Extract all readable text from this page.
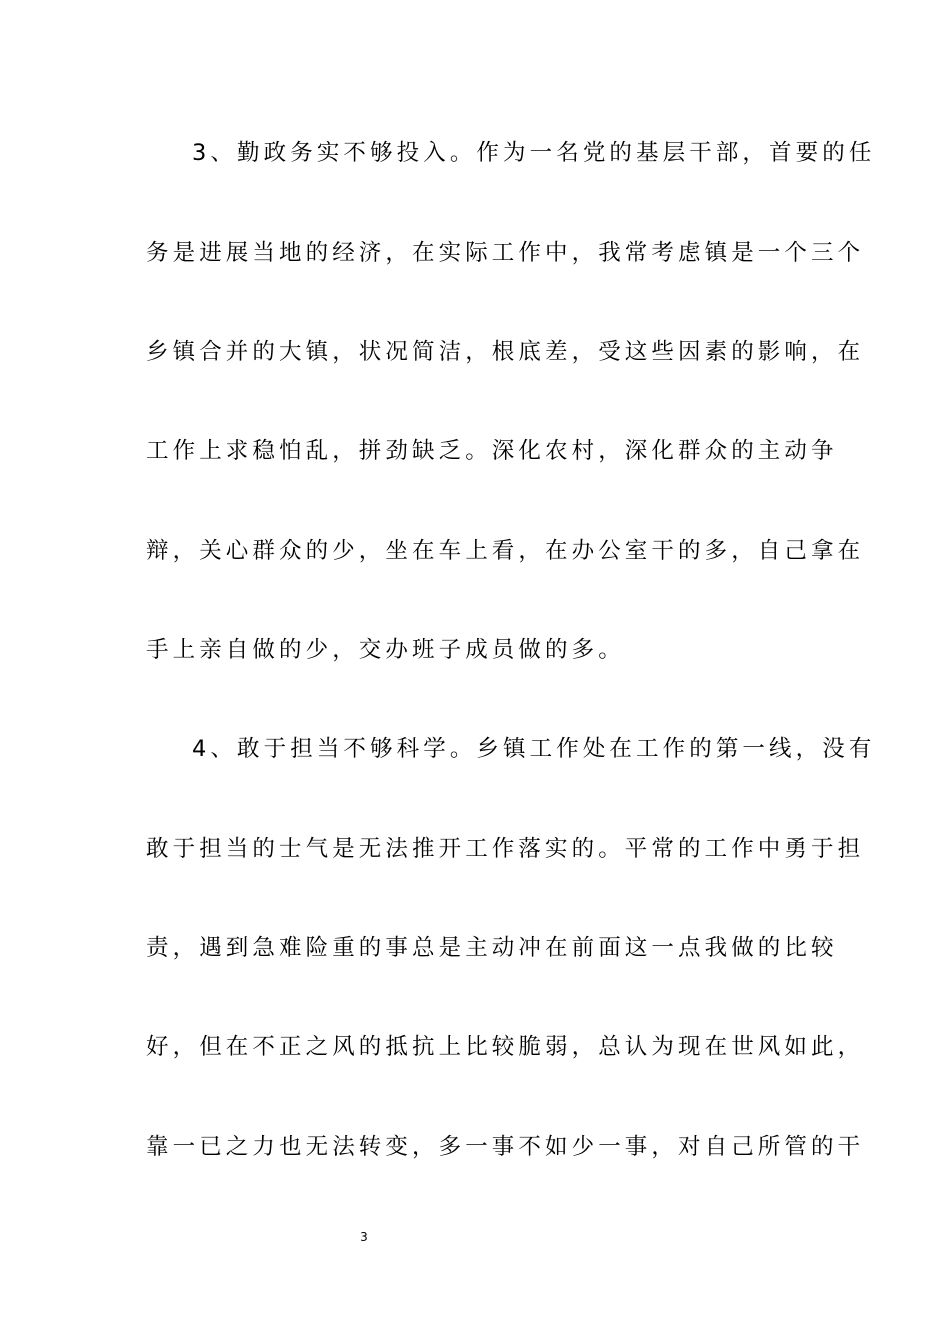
3、勤政务实不够投入。作为一名党的基层干部，首要的任
务是进展当地的经济，在实际工作中，我常考虑镇是一个三个
乡镇合并的大镇，状况简洁，根底差，受这些因素的影响，在
工作上求稳怕乱，拼劲缺乏。深化农村，深化群众的主动争
辩，关心群众的少，坐在车上看，在办公室干的多，自己拿在
手上亲自做的少，交办班子成员做的多。
4、敢于担当不够科学。乡镇工作处在工作的第一线，没有
敢于担当的士气是无法推开工作落实的。平常的工作中勇于担
责，遇到急难险重的事总是主动冲在前面这一点我做的比较
好，但在不正之风的抵抗上比较脆弱，总认为现在世风如此，
靠一已之力也无法转变，多一事不如少一事，对自己所管的干
3
